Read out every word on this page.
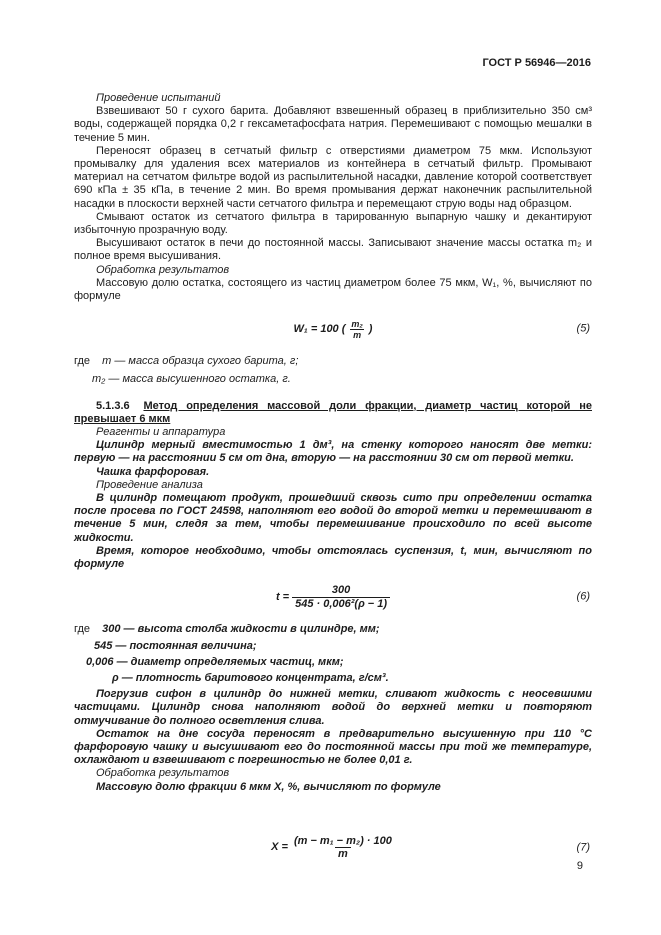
ГОСТ Р 56946—2016

Проведение испытаний

Взвешивают 50 г сухого барита. Добавляют взвешенный образец в приблизительно 350 см³ воды, содержащей порядка 0,2 г гексаметафосфата натрия. Перемешивают с помощью мешалки в течение 5 мин.

Переносят образец в сетчатый фильтр с отверстиями диаметром 75 мкм. Используют промывалку для удаления всех материалов из контейнера в сетчатый фильтр. Промывают материал на сетчатом фильтре водой из распылительной насадки, давление которой соответствует 690 кПа ± 35 кПа, в течение 2 мин. Во время промывания держат наконечник распылительной насадки в плоскости верхней части сетчатого фильтра и перемещают струю воды над образцом.

Смывают остаток из сетчатого фильтра в тарированную выпарную чашку и декантируют избыточную прозрачную воду.

Высушивают остаток в печи до постоянной массы. Записывают значение массы остатка m₂ и полное время высушивания.

Обработка результатов

Массовую долю остатка, состоящего из частиц диаметром более 75 мкм, W₁, %, вычисляют по формуле

W₁ = 100 ( $\frac{\text{m₂}}{m}$ )	(5)

где m — масса образца сухого барита, г;

m₂ — масса высушенного остатка, г.

5.1.3.6 Метод определения массовой доли фракции, диаметр частиц которой не превышает 6 мкм

Реагенты и аппаратура

Цилиндр мерный вместимостью 1 дм³, на стенку которого наносят две метки: первую — на расстоянии 5 см от дна, вторую — на расстоянии 30 см от первой метки.

Чашка фарфоровая.

Проведение анализа

В цилиндр помещают продукт, прошедший сквозь сито при определении остатка после просева по ГОСТ 24598, наполняют его водой до второй метки и перемешивают в течение 5 мин, следя за тем, чтобы перемешивание происходило по всей высоте жидкости.

Время, которое необходимо, чтобы отстоялась суспензия, t, мин, вычисляют по формуле

$t = \frac{300}{\text{545 · 0,006²(ρ − 1)}}$	(6)

где 300 — высота столба жидкости в цилиндре, мм;

545 — постоянная величина;

0,006 — диаметр определяемых частиц, мкм;

ρ — плотность баритового концентрата, г/см³.

Погрузив сифон в цилиндр до нижней метки, сливают жидкость с неосевшими частицами. Цилиндр снова наполняют водой до верхней метки и повторяют отмучивание до полного осветления слива.

Остаток на дне сосуда переносят в предварительно высушенную при 110 °С фарфоровую чашку и высушивают его до постоянной массы при той же температуре, охлаждают и взвешивают с погрешностью не более 0,01 г.

Обработка результатов

Массовую долю фракции 6 мкм X, %, вычисляют по формуле

$X = \frac{\text{(m − m₁ − m₂) · 100}}{m}$	(7)
9
